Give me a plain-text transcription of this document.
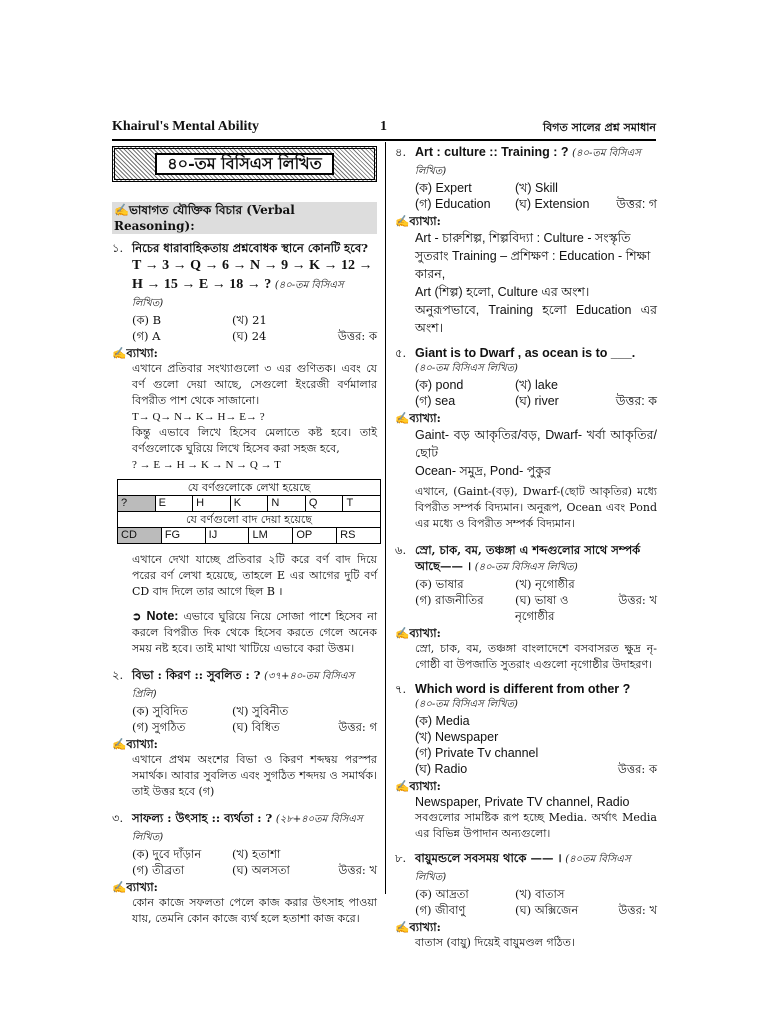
Khairul's Mental Ability	1	বিগত সালের প্রশ্ন সমাধান
৪০-তম বিসিএস লিখিত
✍ভাষাগত যৌক্তিক বিচার (Verbal Reasoning):
১. নিচের ধারাবাহিকতায় প্রশ্নবোধক স্থানে কোনটি হবে?
T → 3 → Q → 6 → N → 9 → K → 12 →
H → 15 → E → 18 → ? (৪০-তম বিসিএস লিখিত)
(ক) B	(খ) 21
(গ) A	(ঘ) 24	উত্তর: ক
✍ব্যাখ্যা:
এখানে প্রতিবার সংখ্যাগুলো ৩ এর গুণিতক। এবং যে বর্ণ গুলো দেয়া আছে, সেগুলো ইংরেজী বর্ণমালার বিপরীত পাশ থেকে সাজানো।
T→ Q→ N→ K→ H→ E→ ?
কিন্তু এভাবে লিখে হিসেব মেলাতে কষ্ট হবে। তাই বর্ণগুলোকে ঘুরিয়ে লিখে হিসেব করা সহজ হবে,
? → E → H → K → N → Q → T
যে বর্ণগুলোকে লেখা হয়েছে
?	E	H	K	N	Q	T
যে বর্ণগুলো বাদ দেয়া হয়েছে
CD	FG	IJ	LM	OP	RS
এখানে দেখা যাচ্ছে প্রতিবার ২টি করে বর্ণ বাদ দিয়ে পরের বর্ণ লেখা হয়েছে, তাহলে E এর আগের দুটি বর্ণ CD বাদ দিলে তার আগে ছিল B ।
➲ Note: এভাবে ঘুরিয়ে নিয়ে সোজা পাশে হিসেব না করলে বিপরীত দিক থেকে হিসেব করতে গেলে অনেক সময় নষ্ট হবে। তাই মাথা খাটিয়ে এভাবে করা উত্তম।
২. বিভা : কিরণ :: সুবলিত : ? (৩৭+৪০-তম বিসিএস প্রিলি)
(ক) সুবিদিত	(খ) সুবিনীত
(গ) সুগঠিত	(ঘ) বিধিত	উত্তর: গ
✍ব্যাখ্যা:
এখানে প্রথম অংশের বিভা ও কিরণ শব্দদ্বয় পরস্পর সমার্থক। আবার সুবলিত এবং সুগঠিত শব্দদয় ও সমার্থক। তাই উত্তর হবে (গ)
৩. সাফল্য : উৎসাহ :: ব্যর্থতা : ? (২৮+৪০তম বিসিএস লিখিত)
(ক) দুবে দাঁড়ান	(খ) হতাশা
(গ) তীব্রতা	(ঘ) অলসতা	উত্তর: খ
✍ব্যাখ্যা:
কোন কাজে সফলতা পেলে কাজ করার উৎসাহ পাওয়া যায়, তেমনি কোন কাজে ব্যর্থ হলে হতাশা কাজ করে।
৪. Art : culture :: Training : ? (৪০-তম বিসিএস লিখিত)
(ক) Expert	(খ) Skill
(গ) Education	(ঘ) Extension	উত্তর: গ
✍ব্যাখ্যা:
Art - চারুশিল্প, শিল্পবিদ্যা : Culture - সংস্কৃতি
সুতরাং Training – প্রশিক্ষণ : Education - শিক্ষা
কারন,
Art (শিল্প) হলো, Culture এর অংশ।
অনুরূপভাবে, Training হলো Education এর অংশ।
৫. Giant is to Dwarf , as ocean is to ___.
(৪০-তম বিসিএস লিখিত)
(ক) pond	(খ) lake
(গ) sea	(ঘ) river	উত্তর: ক
✍ব্যাখ্যা:
Gaint- বড় আকৃতির/বড়, Dwarf- খর্বা আকৃতির/ছোট
Ocean- সমুদ্র, Pond- পুকুর
এখানে, (Gaint-(বড়), Dwarf-(ছোট আকৃতির) মধ্যে বিপরীত সম্পর্ক বিদ্যমান। অনুরূপ, Ocean এবং Pond এর মধ্যে ও বিপরীত সম্পর্ক বিদ্যমান।
৬. স্রো, চাক, বম, তঞ্চঙ্গা এ শব্দগুলোর সাথে সম্পর্ক আছে—— । (৪০-তম বিসিএস লিখিত)
(ক) ভাষার	(খ) নৃগোষ্ঠীর
(গ) রাজনীতির	(ঘ) ভাষা ও নৃগোষ্ঠীর
উত্তর: খ
✍ব্যাখ্যা:
স্রো, চাক, বম, তঞ্চঙ্গা বাংলাদেশে বসবাসরত ক্ষুদ্র নৃ-গোষ্ঠী বা উপজাতি সুতরাং এগুলো নৃগোষ্ঠীর উদাহরণ।
৭. Which word is different from other ?
(৪০-তম বিসিএস লিখিত)
(ক) Media
(খ) Newspaper
(গ) Private Tv channel
(ঘ) Radio	উত্তর: ক
✍ব্যাখ্যা:
Newspaper, Private TV channel, Radio
সবগুলোর সামষ্টিক রূপ হচ্ছে Media. অর্থাৎ Media এর বিভিন্ন উপাদান অন্যগুলো।
৮. বায়ুমন্ডলে সবসময় থাকে —— । (৪০তম বিসিএস লিখিত)
(ক) আদ্রতা	(খ) বাতাস
(গ) জীবাণু	(ঘ) অক্সিজেন	উত্তর: খ
✍ব্যাখ্যা:
বাতাস (বায়ু) দিয়েই বায়ুমণ্ডল গঠিত।
